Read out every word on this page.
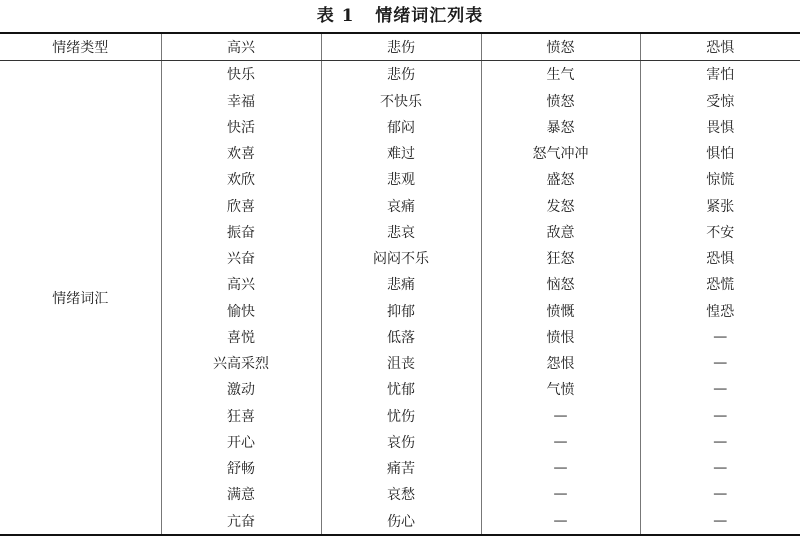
表 1   情绪词汇列表
情绪类型	高兴	悲伤	愤怒	恐惧
情绪词汇	快乐	悲伤	生气	害怕
	幸福	不快乐	愤怒	受惊
	快活	郁闷	暴怒	畏惧
	欢喜	难过	怒气冲冲	惧怕
	欢欣	悲观	盛怒	惊慌
	欣喜	哀痛	发怒	紧张
	振奋	悲哀	敌意	不安
	兴奋	闷闷不乐	狂怒	恐惧
	高兴	悲痛	恼怒	恐慌
	愉快	抑郁	愤慨	惶恐
	喜悦	低落	愤恨	—
	兴高采烈	沮丧	怨恨	—
	激动	忧郁	气愤	—
	狂喜	忧伤	—	—
	开心	哀伤	—	—
	舒畅	痛苦	—	—
	满意	哀愁	—	—
	亢奋	伤心	—	—
